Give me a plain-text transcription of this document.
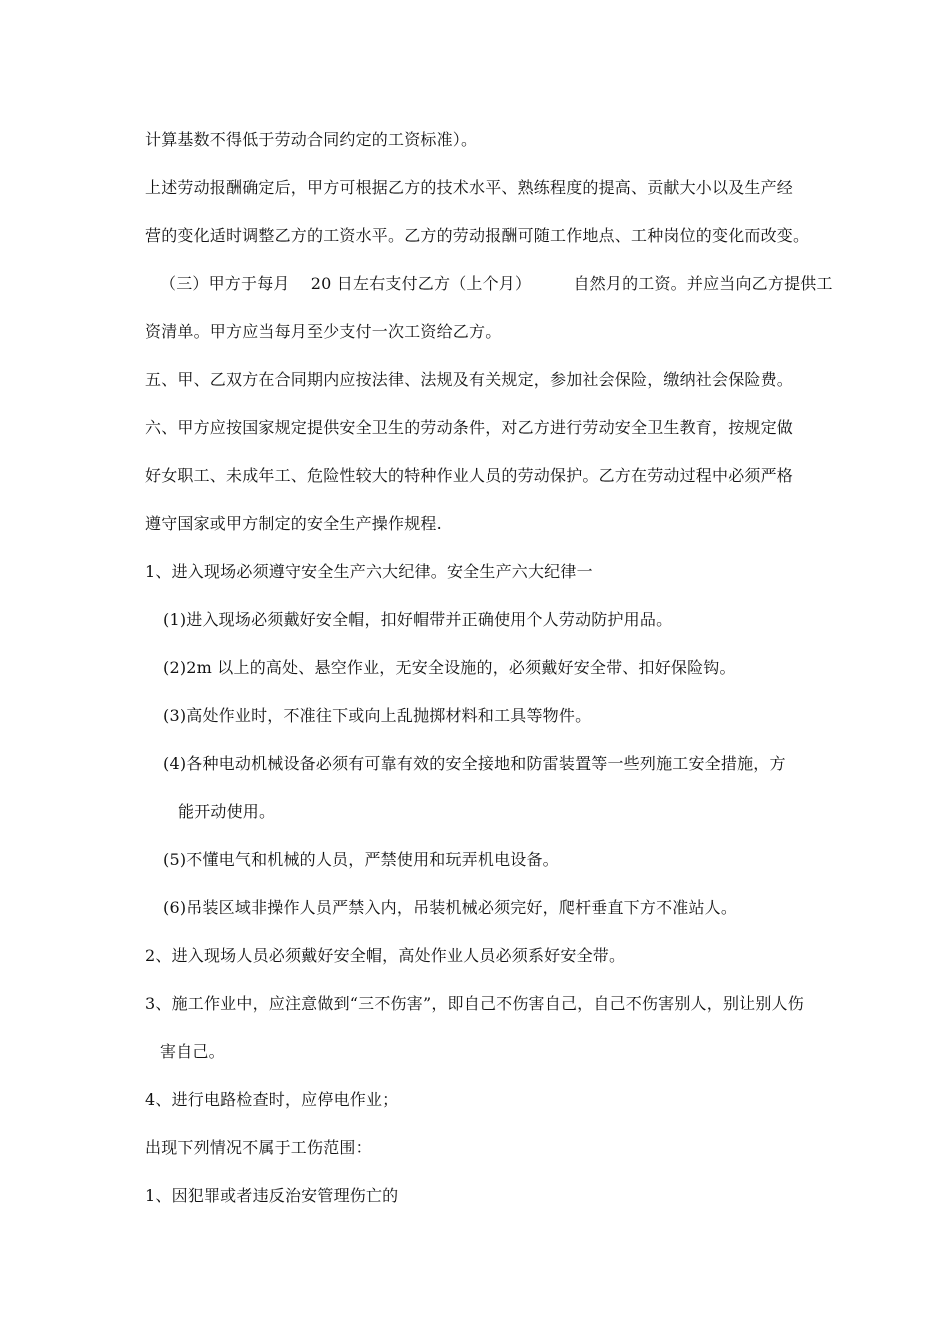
计算基数不得低于劳动合同约定的工资标准）。
上述劳动报酬确定后，甲方可根据乙方的技术水平、熟练程度的提高、贡献大小以及生产经
营的变化适时调整乙方的工资水平。乙方的劳动报酬可随工作地点、工种岗位的变化而改变。
（三）甲方于每月    20 日左右支付乙方（上个月）        自然月的工资。并应当向乙方提供工
资清单。甲方应当每月至少支付一次工资给乙方。
五、甲、乙双方在合同期内应按法律、法规及有关规定，参加社会保险，缴纳社会保险费。
六、甲方应按国家规定提供安全卫生的劳动条件，对乙方进行劳动安全卫生教育，按规定做
好女职工、未成年工、危险性较大的特种作业人员的劳动保护。乙方在劳动过程中必须严格
遵守国家或甲方制定的安全生产操作规程.
1、进入现场必须遵守安全生产六大纪律。安全生产六大纪律一
(1)进入现场必须戴好安全帽，扣好帽带并正确使用个人劳动防护用品。
(2)2m 以上的高处、悬空作业，无安全设施的，必须戴好安全带、扣好保险钩。
(3)高处作业时，不准往下或向上乱抛掷材料和工具等物件。
(4)各种电动机械设备必须有可靠有效的安全接地和防雷装置等一些列施工安全措施，方
能开动使用。
(5)不懂电气和机械的人员，严禁使用和玩弄机电设备。
(6)吊装区域非操作人员严禁入内，吊装机械必须完好，爬杆垂直下方不准站人。
2、进入现场人员必须戴好安全帽，高处作业人员必须系好安全带。
3、施工作业中，应注意做到“三不伤害”，即自己不伤害自己，自己不伤害别人，别让别人伤
害自己。
4、进行电路检查时，应停电作业；
出现下列情况不属于工伤范围：
1、因犯罪或者违反治安管理伤亡的
